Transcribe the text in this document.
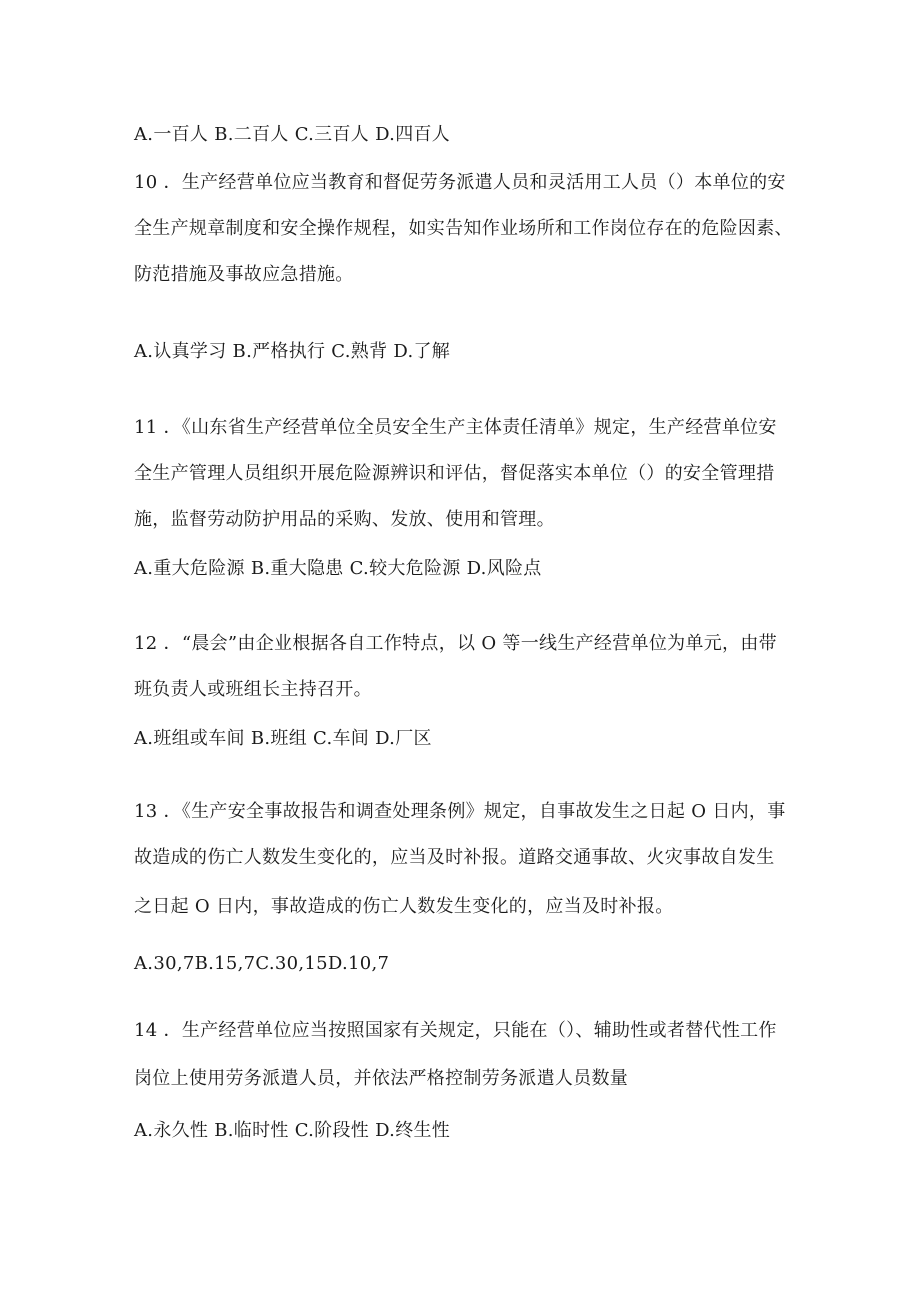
A.一百人 B.二百人 C.三百人 D.四百人
10 ．生产经营单位应当教育和督促劳务派遣人员和灵活用工人员（）本单位的安
全生产规章制度和安全操作规程，如实告知作业场所和工作岗位存在的危险因素、
防范措施及事故应急措施。
A.认真学习 B.严格执行 C.熟背 D.了解
11 ．《山东省生产经营单位全员安全生产主体责任清单》规定，生产经营单位安
全生产管理人员组织开展危险源辨识和评估，督促落实本单位（）的安全管理措
施，监督劳动防护用品的采购、发放、使用和管理。
A.重大危险源 B.重大隐患 C.较大危险源 D.风险点
12 ．“晨会”由企业根据各自工作特点，以 O 等一线生产经营单位为单元，由带
班负责人或班组长主持召开。
A.班组或车间 B.班组 C.车间 D.厂区
13 ．《生产安全事故报告和调查处理条例》规定，自事故发生之日起 O 日内，事
故造成的伤亡人数发生变化的，应当及时补报。道路交通事故、火灾事故自发生
之日起 O 日内，事故造成的伤亡人数发生变化的，应当及时补报。
A.30,7B.15,7C.30,15D.10,7
14 ．生产经营单位应当按照国家有关规定，只能在（）、辅助性或者替代性工作
岗位上使用劳务派遣人员，并依法严格控制劳务派遣人员数量
A.永久性 B.临时性 C.阶段性 D.终生性
